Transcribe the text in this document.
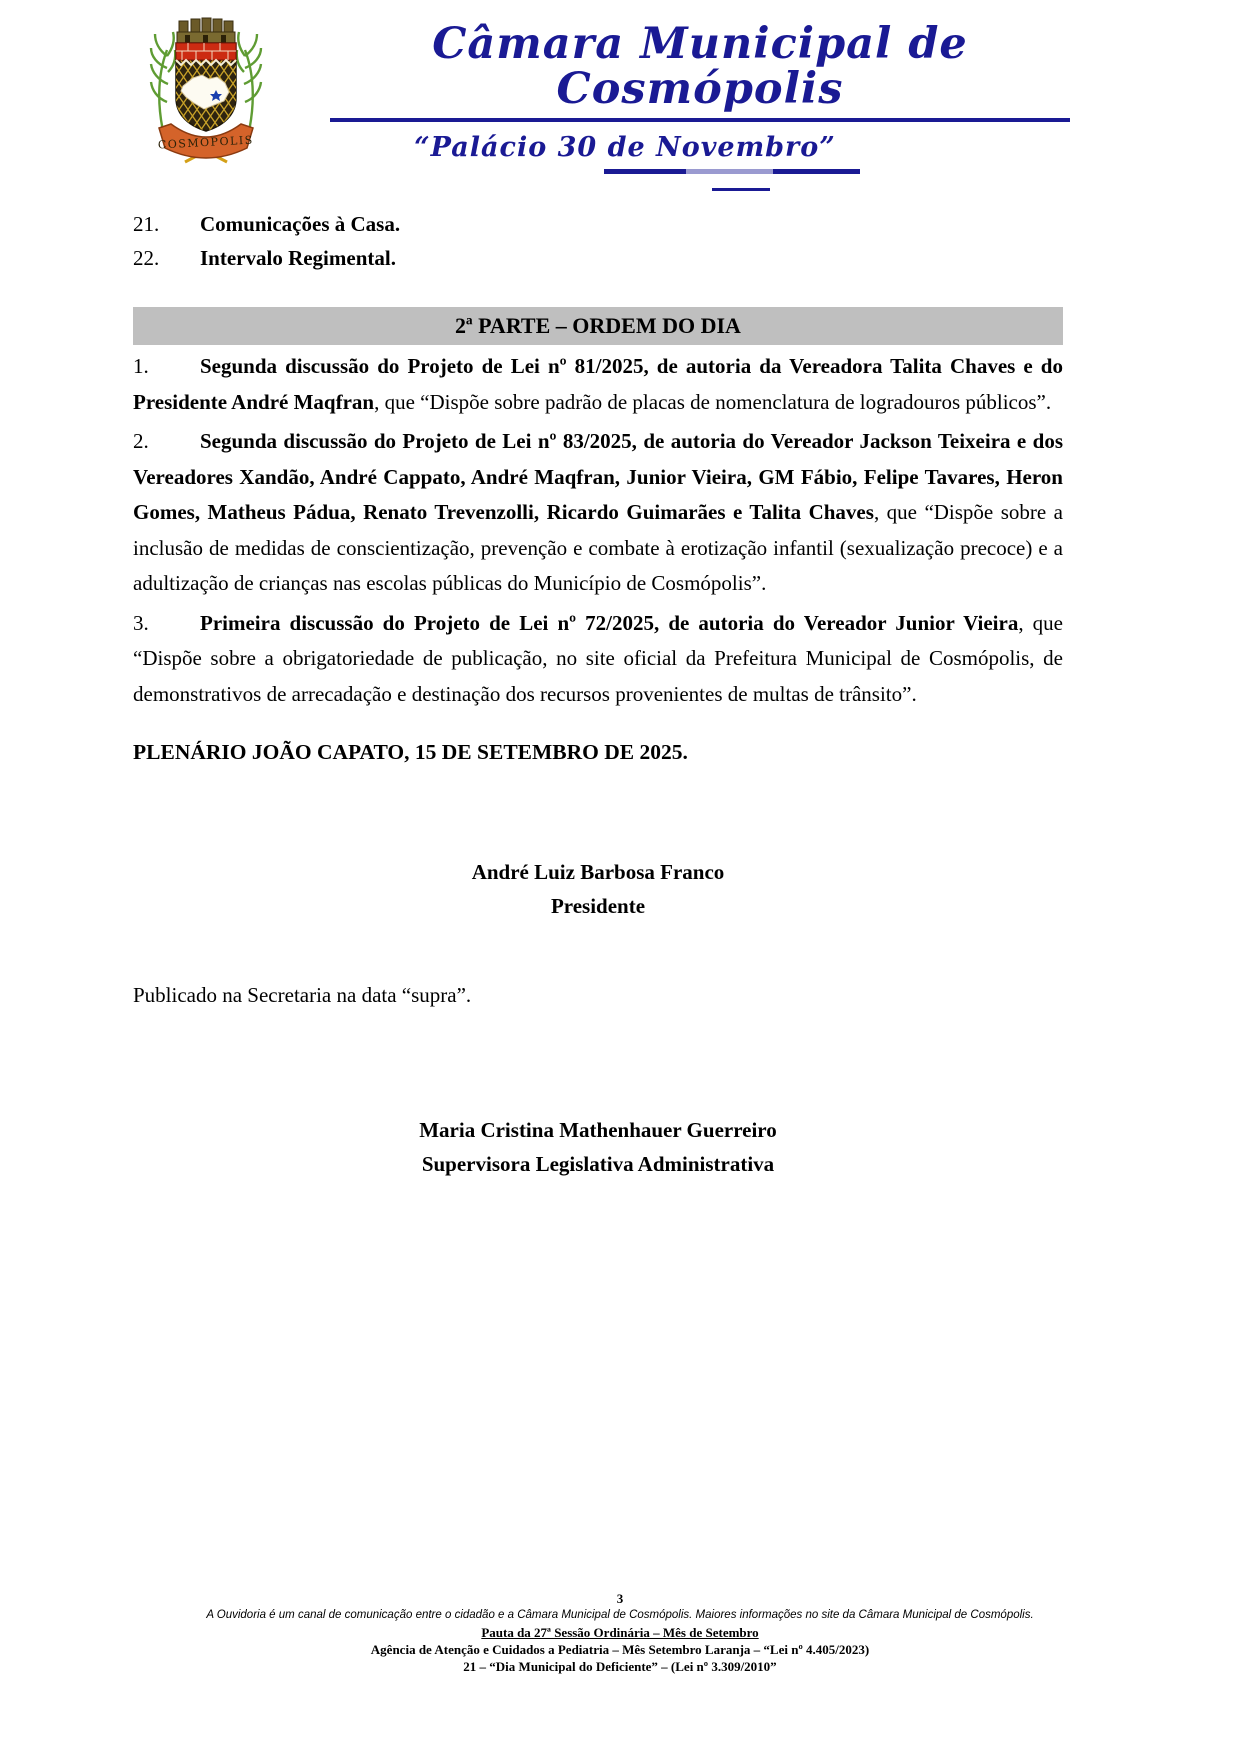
COSMOPOLIS
Câmara Municipal de Cosmópolis
“Palácio 30 de Novembro”
21. Comunicações à Casa.
22. Intervalo Regimental.
2ª PARTE – ORDEM DO DIA

1. Segunda discussão do Projeto de Lei nº 81/2025, de autoria da Vereadora Talita Chaves e do Presidente André Maqfran, que “Dispõe sobre padrão de placas de nomenclatura de logradouros públicos”.

2. Segunda discussão do Projeto de Lei nº 83/2025, de autoria do Vereador Jackson Teixeira e dos Vereadores Xandão, André Cappato, André Maqfran, Junior Vieira, GM Fábio, Felipe Tavares, Heron Gomes, Matheus Pádua, Renato Trevenzolli, Ricardo Guimarães e Talita Chaves, que “Dispõe sobre a inclusão de medidas de conscientização, prevenção e combate à erotização infantil (sexualização precoce) e a adultização de crianças nas escolas públicas do Município de Cosmópolis”.

3. Primeira discussão do Projeto de Lei nº 72/2025, de autoria do Vereador Junior Vieira, que “Dispõe sobre a obrigatoriedade de publicação, no site oficial da Prefeitura Municipal de Cosmópolis, de demonstrativos de arrecadação e destinação dos recursos provenientes de multas de trânsito”.

PLENÁRIO JOÃO CAPATO, 15 DE SETEMBRO DE 2025.

André Luiz Barbosa Franco
Presidente

Publicado na Secretaria na data “supra”.

Maria Cristina Mathenhauer Guerreiro
Supervisora Legislativa Administrativa
3
A Ouvidoria é um canal de comunicação entre o cidadão e a Câmara Municipal de Cosmópolis. Maiores informações no site da Câmara Municipal de Cosmópolis.
Pauta da 27ª Sessão Ordinária – Mês de Setembro
Agência de Atenção e Cuidados a Pediatria – Mês Setembro Laranja – “Lei nº 4.405/2023)
21 – “Dia Municipal do Deficiente” – (Lei nº 3.309/2010”
